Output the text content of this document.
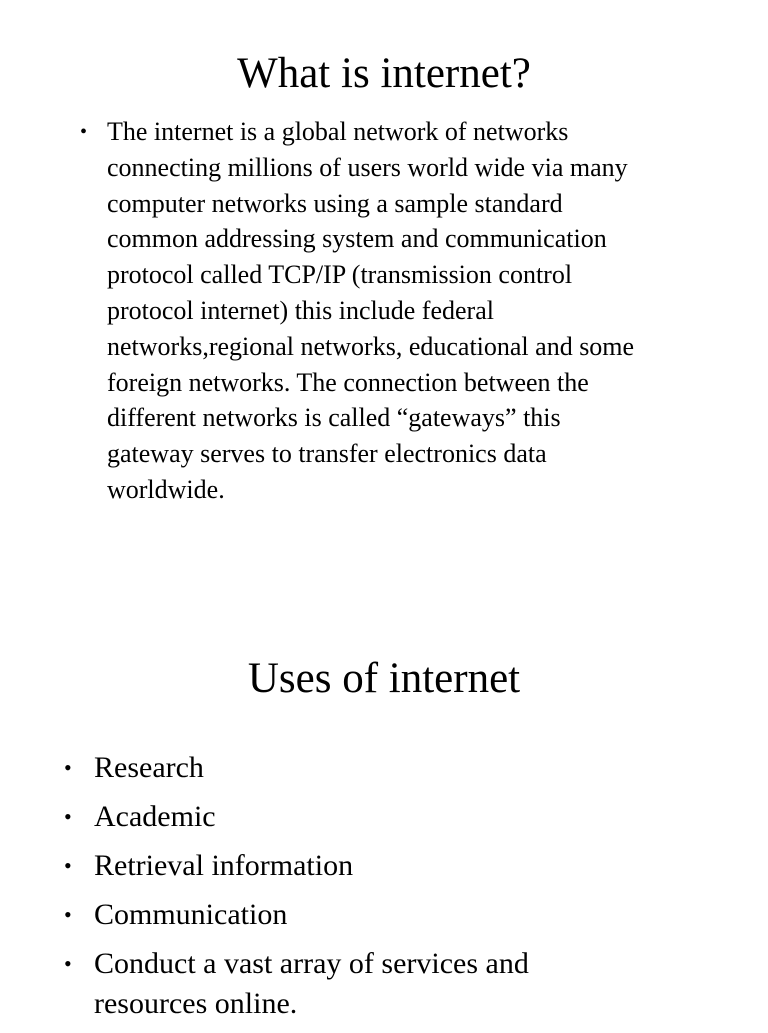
What is internet?
• The internet is a global network of networks
connecting millions of users world wide via many
computer networks using a sample standard
common addressing system and communication
protocol called TCP/IP (transmission control
protocol internet) this include federal
networks,regional networks, educational and some
foreign networks. The connection between the
different networks is called “gateways” this
gateway serves to transfer electronics data
worldwide.
Uses of internet
• Research
• Academic
• Retrieval information
• Communication
• Conduct a vast array of services and
resources online.
